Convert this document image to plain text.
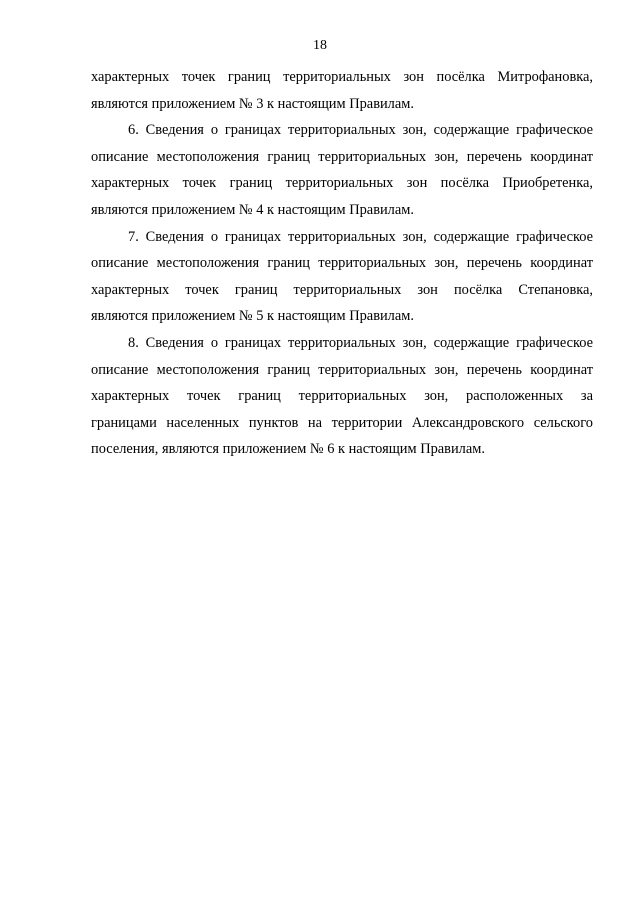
18
характерных точек границ территориальных зон посёлка Митрофановка,
являются приложением № 3 к настоящим Правилам.
6. Сведения о границах территориальных зон, содержащие графическое
описание местоположения границ территориальных зон, перечень координат
характерных точек границ территориальных зон посёлка Приобретенка,
являются приложением № 4 к настоящим Правилам.
7. Сведения о границах территориальных зон, содержащие графическое
описание местоположения границ территориальных зон, перечень координат
характерных точек границ территориальных зон посёлка Степановка,
являются приложением № 5 к настоящим Правилам.
8. Сведения о границах территориальных зон, содержащие графическое
описание местоположения границ территориальных зон, перечень координат
характерных точек границ территориальных зон, расположенных за
границами населенных пунктов на территории Александровского сельского
поселения, являются приложением № 6 к настоящим Правилам.
